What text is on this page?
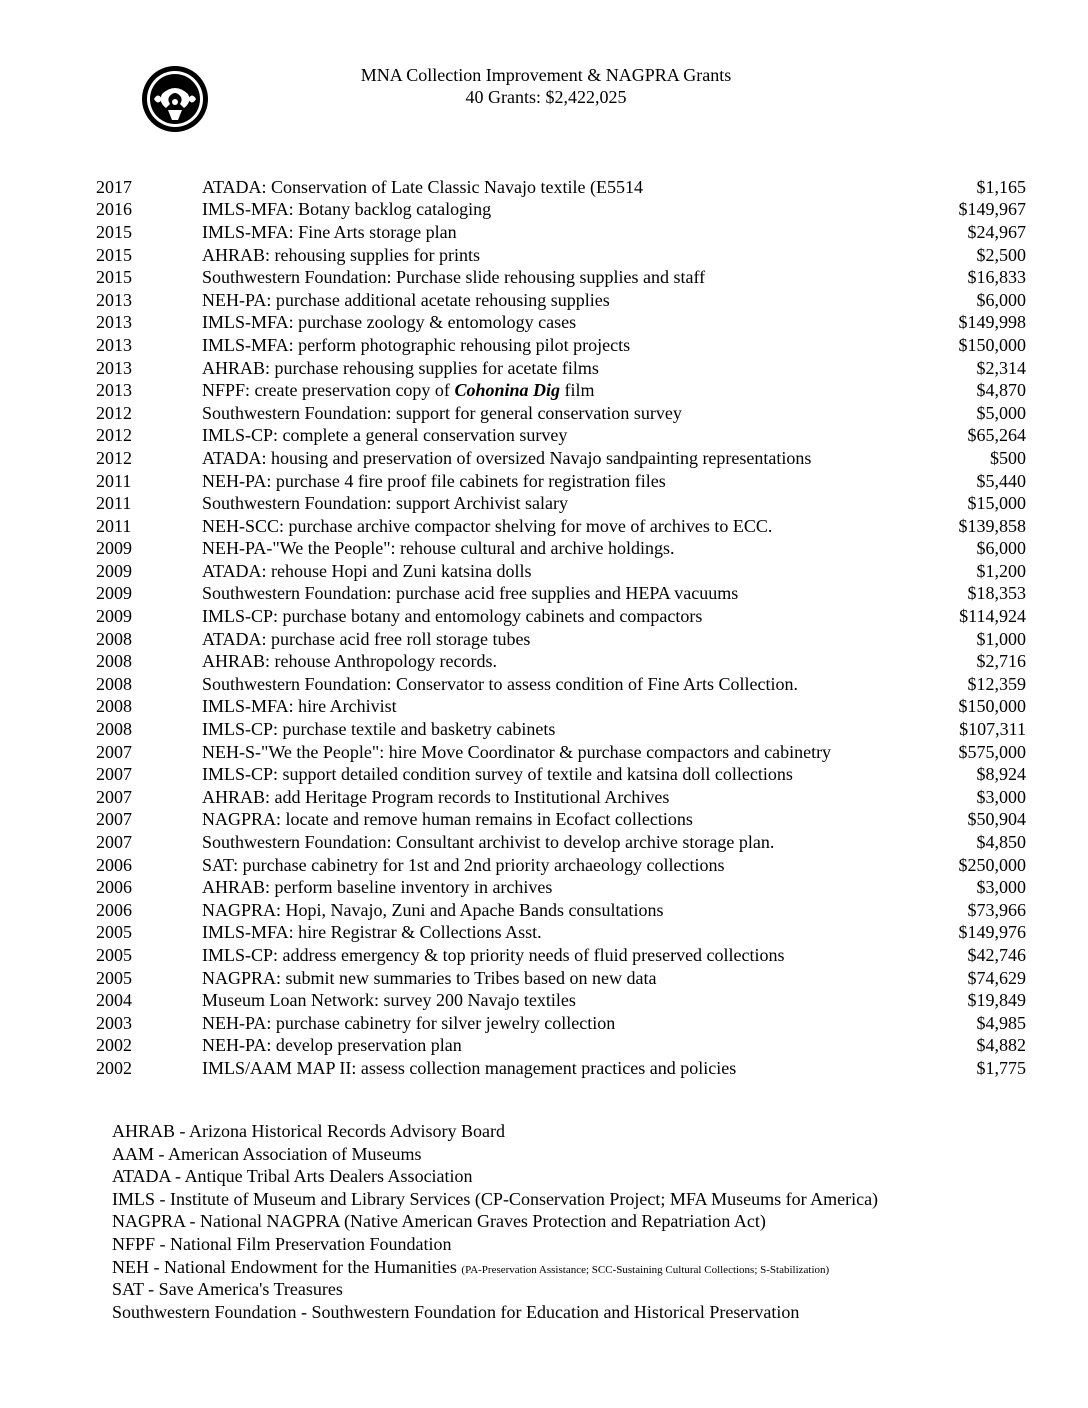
MNA Collection Improvement & NAGPRA Grants
40 Grants: $2,422,025
2017	ATADA: Conservation of Late Classic Navajo textile (E5514	$1,165
2016	IMLS-MFA: Botany backlog cataloging	$149,967
2015	IMLS-MFA: Fine Arts storage plan	$24,967
2015	AHRAB: rehousing supplies for prints	$2,500
2015	Southwestern Foundation: Purchase slide rehousing supplies and staff	$16,833
2013	NEH-PA: purchase additional acetate rehousing supplies	$6,000
2013	IMLS-MFA: purchase zoology & entomology cases	$149,998
2013	IMLS-MFA: perform photographic rehousing pilot projects	$150,000
2013	AHRAB: purchase rehousing supplies for acetate films	$2,314
2013	NFPF: create preservation copy of Cohonina Dig film	$4,870
2012	Southwestern Foundation: support for general conservation survey	$5,000
2012	IMLS-CP: complete a general conservation survey	$65,264
2012	ATADA: housing and preservation of oversized Navajo sandpainting representations	$500
2011	NEH-PA: purchase 4 fire proof file cabinets for registration files	$5,440
2011	Southwestern Foundation: support Archivist salary	$15,000
2011	NEH-SCC: purchase archive compactor shelving for move of archives to ECC.	$139,858
2009	NEH-PA-"We the People": rehouse cultural and archive holdings.	$6,000
2009	ATADA: rehouse Hopi and Zuni katsina dolls	$1,200
2009	Southwestern Foundation: purchase acid free supplies and HEPA vacuums	$18,353
2009	IMLS-CP: purchase botany and entomology cabinets and compactors	$114,924
2008	ATADA: purchase acid free roll storage tubes	$1,000
2008	AHRAB: rehouse Anthropology records.	$2,716
2008	Southwestern Foundation: Conservator to assess condition of Fine Arts Collection.	$12,359
2008	IMLS-MFA: hire Archivist	$150,000
2008	IMLS-CP: purchase textile and basketry cabinets	$107,311
2007	NEH-S-"We the People": hire Move Coordinator & purchase compactors and cabinetry	$575,000
2007	IMLS-CP: support detailed condition survey of textile and katsina doll collections	$8,924
2007	AHRAB: add Heritage Program records to Institutional Archives	$3,000
2007	NAGPRA: locate and remove human remains in Ecofact collections	$50,904
2007	Southwestern Foundation: Consultant archivist to develop archive storage plan.	$4,850
2006	SAT: purchase cabinetry for 1st and 2nd priority archaeology collections	$250,000
2006	AHRAB: perform baseline inventory in archives	$3,000
2006	NAGPRA: Hopi, Navajo, Zuni and Apache Bands consultations	$73,966
2005	IMLS-MFA: hire Registrar & Collections Asst.	$149,976
2005	IMLS-CP: address emergency & top priority needs of fluid preserved collections	$42,746
2005	NAGPRA: submit new summaries to Tribes based on new data	$74,629
2004	Museum Loan Network: survey 200 Navajo textiles	$19,849
2003	NEH-PA: purchase cabinetry for silver jewelry collection	$4,985
2002	NEH-PA: develop preservation plan	$4,882
2002	IMLS/AAM MAP II: assess collection management practices and policies	$1,775
AHRAB - Arizona Historical Records Advisory Board
AAM - American Association of Museums
ATADA - Antique Tribal Arts Dealers Association
IMLS - Institute of Museum and Library Services (CP-Conservation Project; MFA Museums for America)
NAGPRA - National NAGPRA (Native American Graves Protection and Repatriation Act)
NFPF - National Film Preservation Foundation
NEH - National Endowment for the Humanities (PA-Preservation Assistance; SCC-Sustaining Cultural Collections; S-Stabilization)
SAT - Save America's Treasures
Southwestern Foundation - Southwestern Foundation for Education and Historical Preservation
